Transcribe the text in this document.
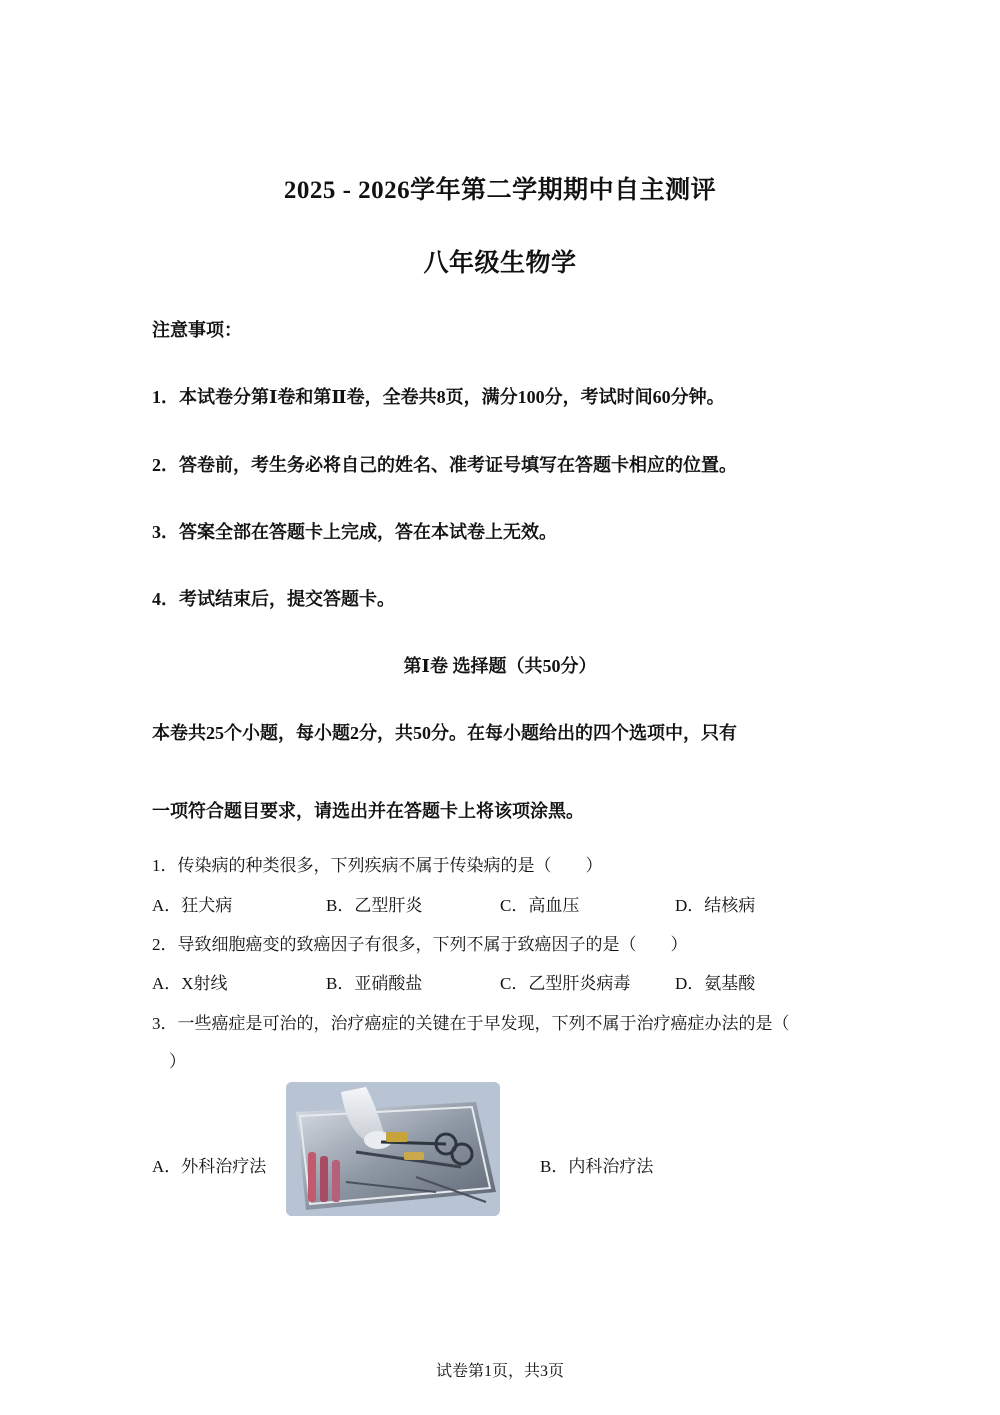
2025 - 2026学年第二学期期中自主测评
八年级生物学
注意事项：
1．本试卷分第Ⅰ卷和第Ⅱ卷，全卷共8页，满分100分，考试时间60分钟。
2．答卷前，考生务必将自己的姓名、准考证号填写在答题卡相应的位置。
3．答案全部在答题卡上完成，答在本试卷上无效。
4．考试结束后，提交答题卡。
第Ⅰ卷 选择题（共50分）
本卷共25个小题，每小题2分，共50分。在每小题给出的四个选项中，只有
一项符合题目要求，请选出并在答题卡上将该项涂黑。
1．传染病的种类很多，下列疾病不属于传染病的是（　　）
A．狂犬病	B．乙型肝炎	C．高血压	D．结核病
2．导致细胞癌变的致癌因子有很多，下列不属于致癌因子的是（　　）
A．X射线	B．亚硝酸盐	C．乙型肝炎病毒	D．氨基酸
3．一些癌症是可治的，治疗癌症的关键在于早发现，下列不属于治疗癌症办法的是（
　）
A．外科治疗法	B．内科治疗法
试卷第1页，共3页
